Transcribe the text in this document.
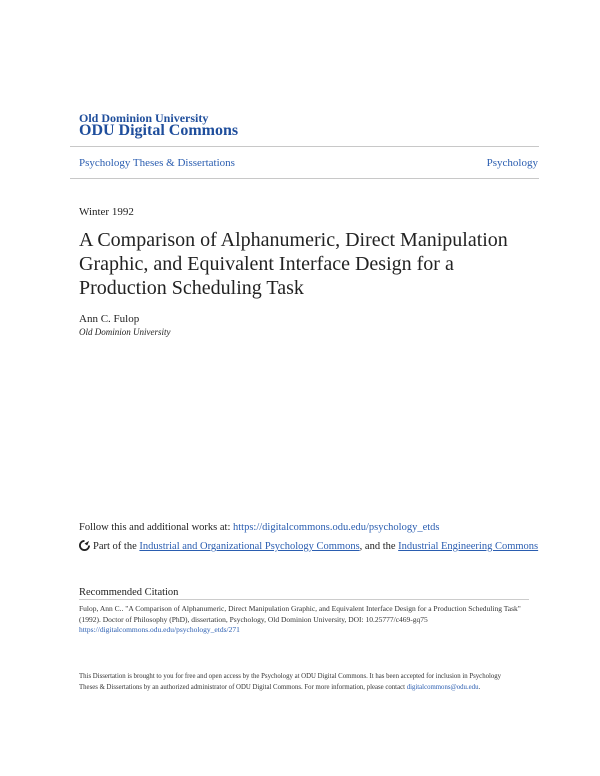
Old Dominion University
ODU Digital Commons
Psychology Theses & Dissertations	Psychology
Winter 1992
A Comparison of Alphanumeric, Direct Manipulation Graphic, and Equivalent Interface Design for a Production Scheduling Task
Ann C. Fulop
Old Dominion University
Follow this and additional works at: https://digitalcommons.odu.edu/psychology_etds
Part of the Industrial and Organizational Psychology Commons, and the Industrial Engineering Commons
Recommended Citation
Fulop, Ann C.. "A Comparison of Alphanumeric, Direct Manipulation Graphic, and Equivalent Interface Design for a Production Scheduling Task" (1992). Doctor of Philosophy (PhD), dissertation, Psychology, Old Dominion University, DOI: 10.25777/c469-gq75
https://digitalcommons.odu.edu/psychology_etds/271
This Dissertation is brought to you for free and open access by the Psychology at ODU Digital Commons. It has been accepted for inclusion in Psychology Theses & Dissertations by an authorized administrator of ODU Digital Commons. For more information, please contact digitalcommons@odu.edu.
